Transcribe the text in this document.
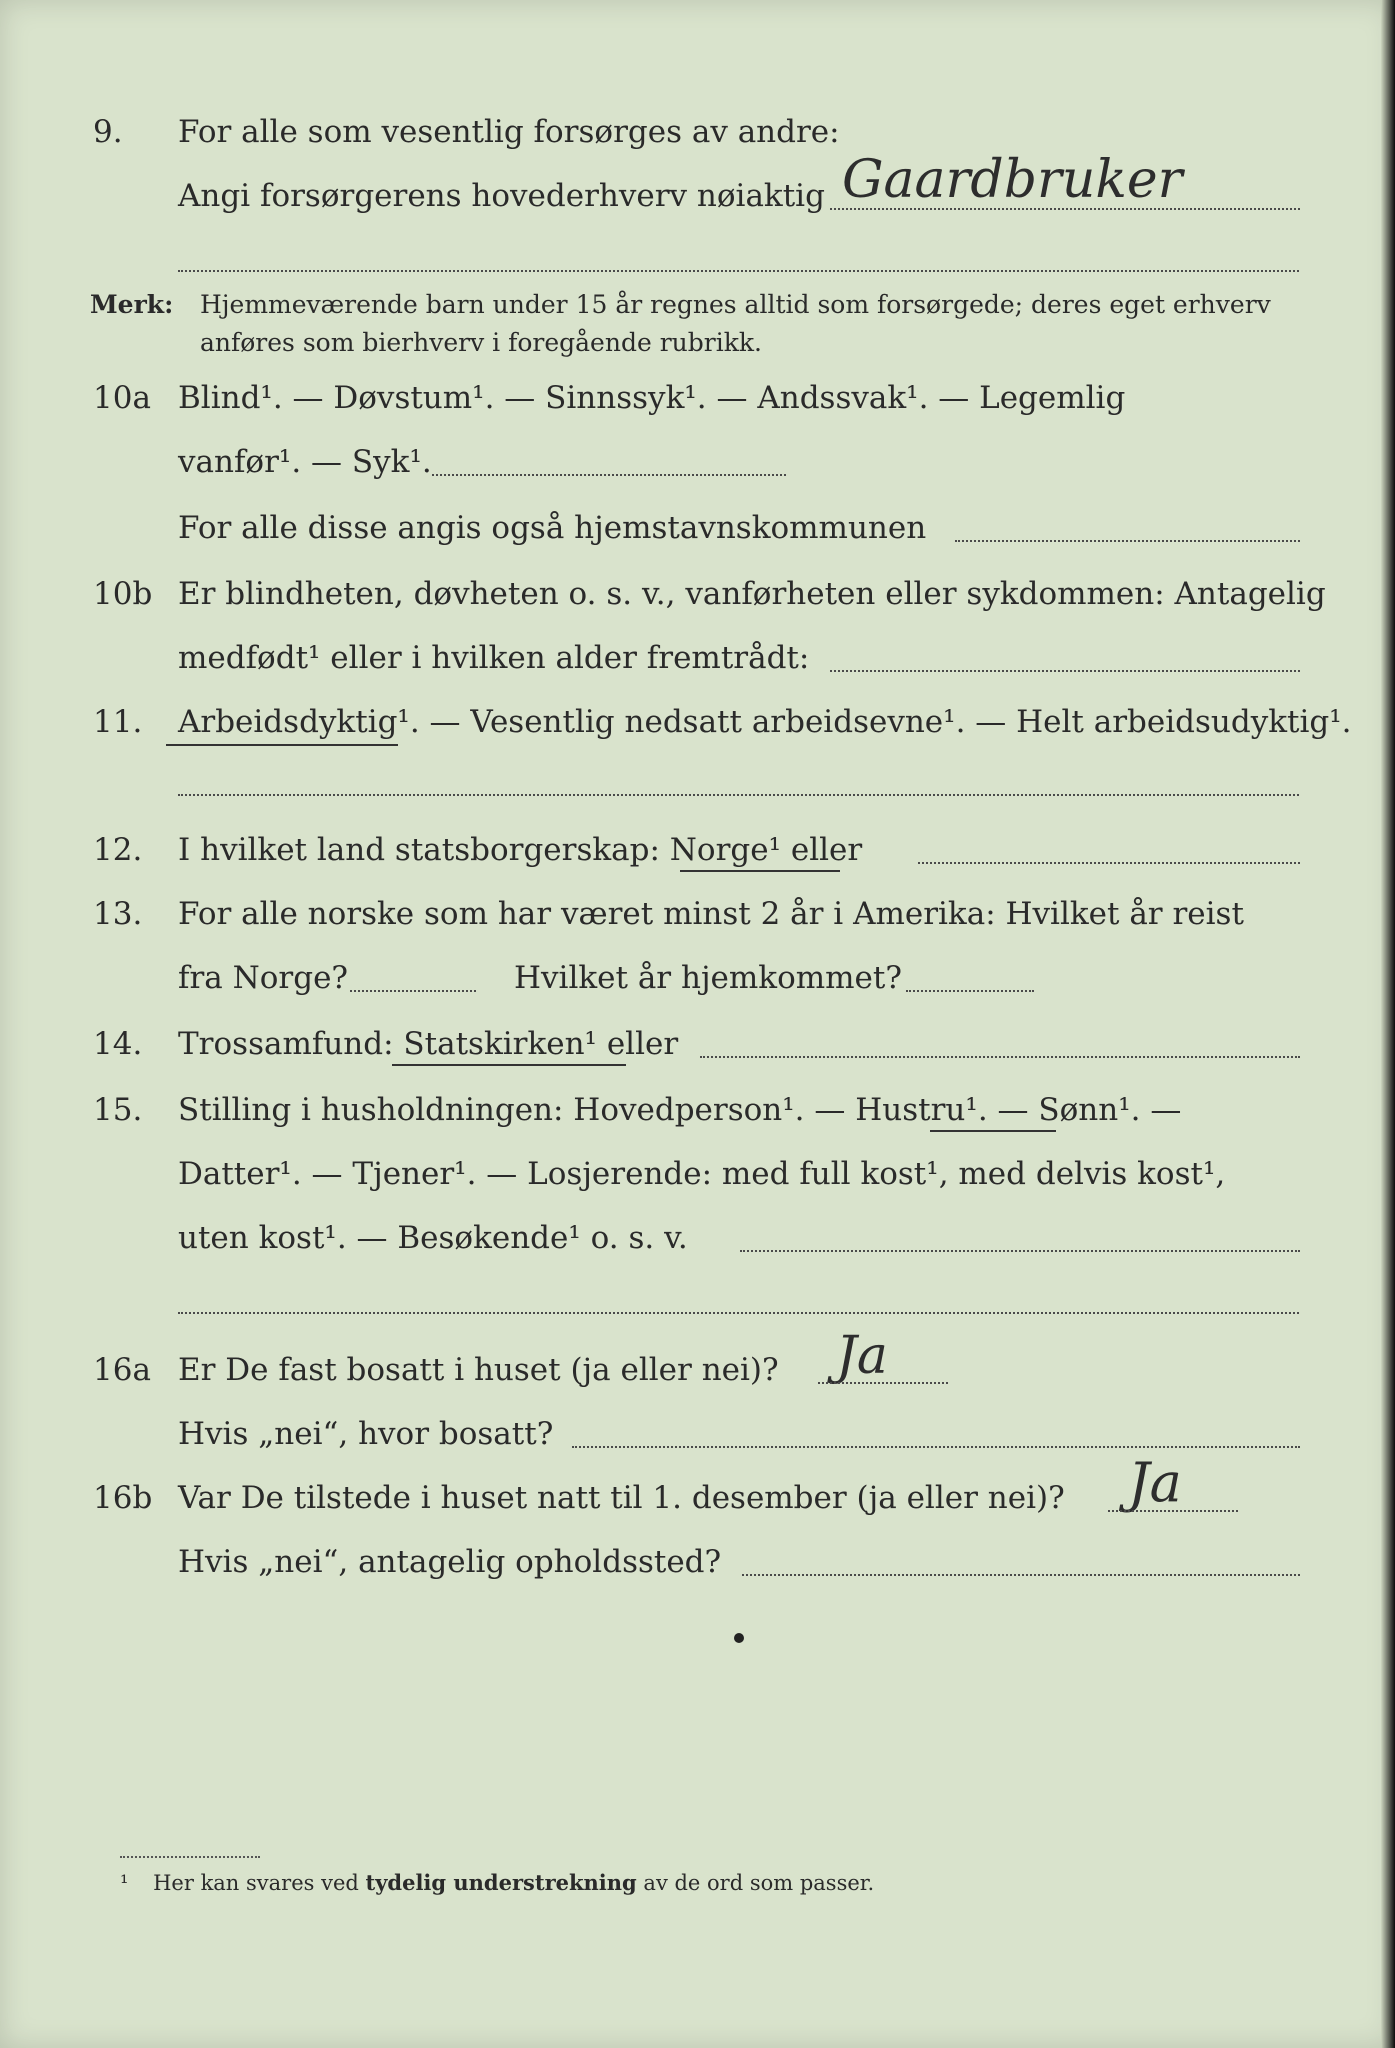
9. For alle som vesentlig forsørges av andre:
Angi forsørgerens hovederhverv nøiaktig Gaardbruker
Merk: Hjemmeværende barn under 15 år regnes alltid som forsørgede; deres eget erhverv
anføres som bierhverv i foregående rubrikk.
10a Blind¹. — Døvstum¹. — Sinnssyk¹. — Andssvak¹. — Legemlig
vanfør¹. — Syk¹.
For alle disse angis også hjemstavnskommunen
10b Er blindheten, døvheten o. s. v., vanførheten eller sykdommen: Antagelig
medfødt¹ eller i hvilken alder fremtrådt:
11. Arbeidsdyktig¹. — Vesentlig nedsatt arbeidsevne¹. — Helt arbeidsudyktig¹.
12. I hvilket land statsborgerskap: Norge¹ eller
13. For alle norske som har været minst 2 år i Amerika: Hvilket år reist
fra Norge?	Hvilket år hjemkommet?
14. Trossamfund: Statskirken¹ eller
15. Stilling i husholdningen: Hovedperson¹. — Hustru¹. — Sønn¹. —
Datter¹. — Tjener¹. — Losjerende: med full kost¹, med delvis kost¹,
uten kost¹. — Besøkende¹ o. s. v.
16a Er De fast bosatt i huset (ja eller nei)? Ja
Hvis „nei“, hvor bosatt?
16b Var De tilstede i huset natt til 1. desember (ja eller nei)? Ja
Hvis „nei“, antagelig opholdssted?
¹ Her kan svares ved tydelig understrekning av de ord som passer.
